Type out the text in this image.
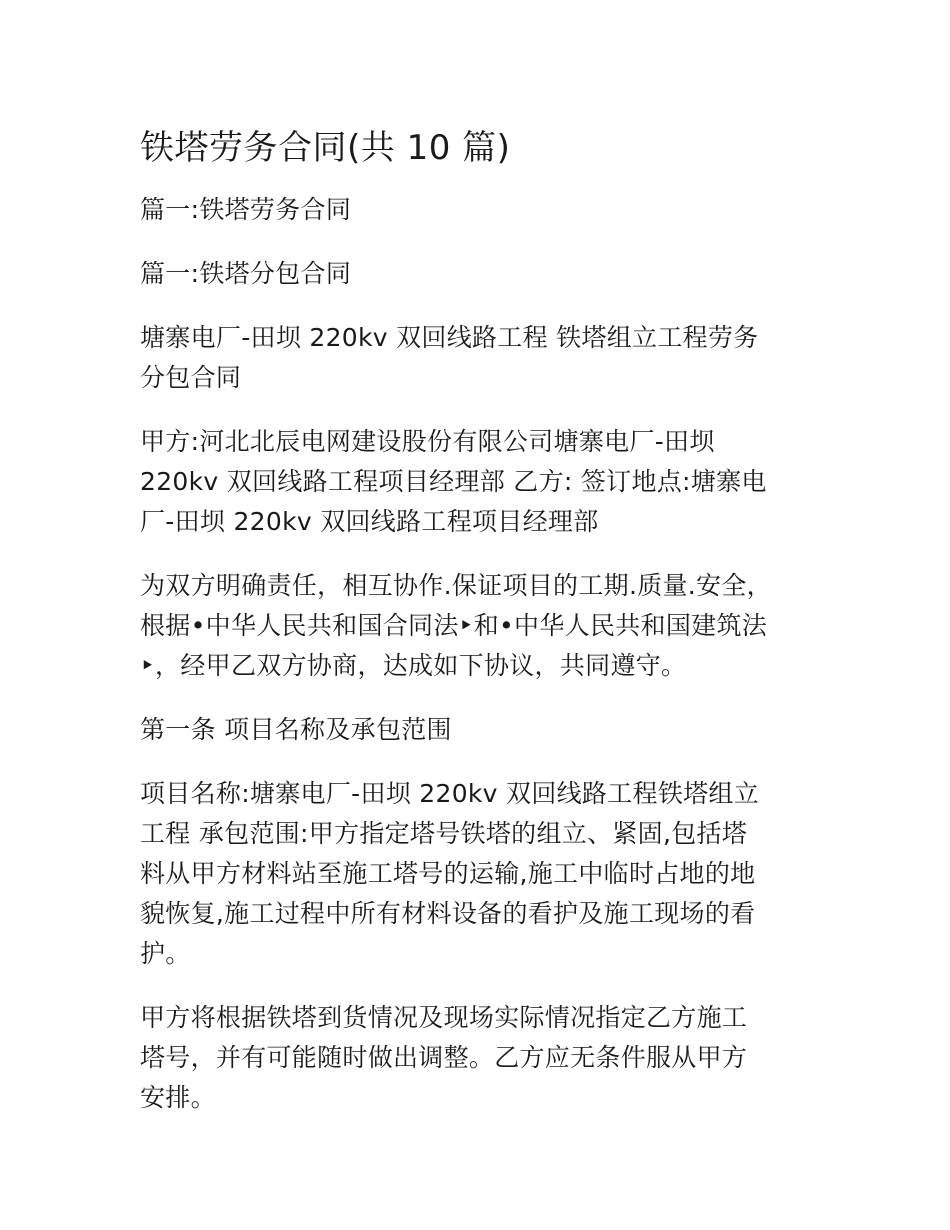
铁塔劳务合同(共 10 篇)

篇一:铁塔劳务合同

篇一:铁塔分包合同

塘寨电厂-田坝 220kv 双回线路工程 铁塔组立工程劳务
分包合同

甲方:河北北辰电网建设股份有限公司塘寨电厂-田坝
220kv 双回线路工程项目经理部 乙方: 签订地点:塘寨电
厂-田坝 220kv 双回线路工程项目经理部

为双方明确责任，相互协作.保证项目的工期.质量.安全，
根据•中华人民共和国合同法‣和•中华人民共和国建筑法
‣，经甲乙双方协商，达成如下协议，共同遵守。

第一条 项目名称及承包范围

项目名称:塘寨电厂-田坝 220kv 双回线路工程铁塔组立
工程 承包范围:甲方指定塔号铁塔的组立、紧固,包括塔
料从甲方材料站至施工塔号的运输,施工中临时占地的地
貌恢复,施工过程中所有材料设备的看护及施工现场的看
护。

甲方将根据铁塔到货情况及现场实际情况指定乙方施工
塔号，并有可能随时做出调整。乙方应无条件服从甲方
安排。
